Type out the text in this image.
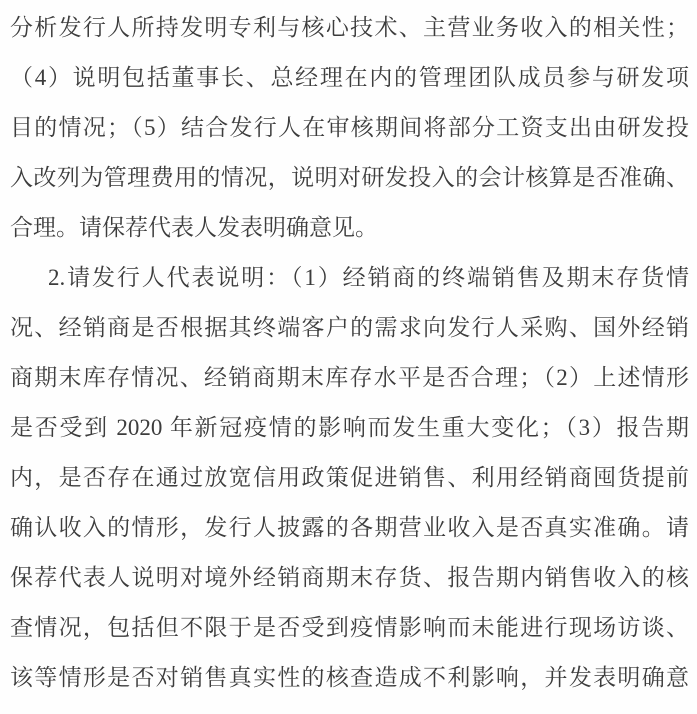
分析发行人所持发明专利与核心技术、主营业务收入的相关性；
（4）说明包括董事长、总经理在内的管理团队成员参与研发项
目的情况；（5）结合发行人在审核期间将部分工资支出由研发投
入改列为管理费用的情况，说明对研发投入的会计核算是否准确、
合理。请保荐代表人发表明确意见。
2.请发行人代表说明：（1）经销商的终端销售及期末存货情
况、经销商是否根据其终端客户的需求向发行人采购、国外经销
商期末库存情况、经销商期末库存水平是否合理；（2）上述情形
是否受到 2020 年新冠疫情的影响而发生重大变化；（3）报告期
内，是否存在通过放宽信用政策促进销售、利用经销商囤货提前
确认收入的情形，发行人披露的各期营业收入是否真实准确。请
保荐代表人说明对境外经销商期末存货、报告期内销售收入的核
查情况，包括但不限于是否受到疫情影响而未能进行现场访谈、
该等情形是否对销售真实性的核查造成不利影响，并发表明确意
